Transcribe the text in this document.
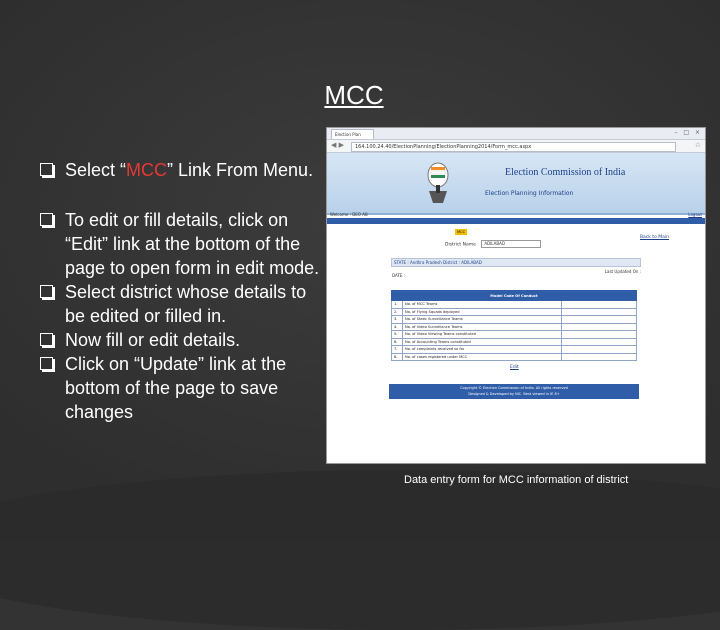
MCC
Select “MCC” Link From Menu.
To edit or fill details, click on “Edit” link at the bottom of the page to open form in edit mode.
Select district whose details to be edited or filled in.
Now fill or edit details.
Click on “Update” link at the bottom of the page to save changes
Election Plan	– □ ×
◀ ▶	164.100.24.40/ElectionPlanning/ElectionPlanning2014/Form_mcc.aspx	☆
Election Commission of India
Election Planning Information
Welcome : DEO AB	Logout
Home AC Polling Station Polling Personnel Police Force Transport MCC Publicity Training Voter Awareness Expenditure Counting Media Cell Complaints Reports
District Name ADILABAD
Back to Main
STATE : Andhra Pradesh District : ADILABAD
Last Updated On :
DATE :
Model Code Of Conduct		
1.	No. of MCC Teams	
2.	No. of Flying Squads deployed	
3.	No. of Static Surveillance Teams	
4.	No. of Video Surveillance Teams	
5.	No. of Video Viewing Teams constituted	
6.	No. of Accounting Teams constituted	
7.	No. of complaints received so far	
8.	No. of cases registered under MCC	
Edit
Copyright © Election Commission of India. All rights reserved
Designed & Developed by NIC. Best viewed in IE 8+
Data entry form for MCC information of district
